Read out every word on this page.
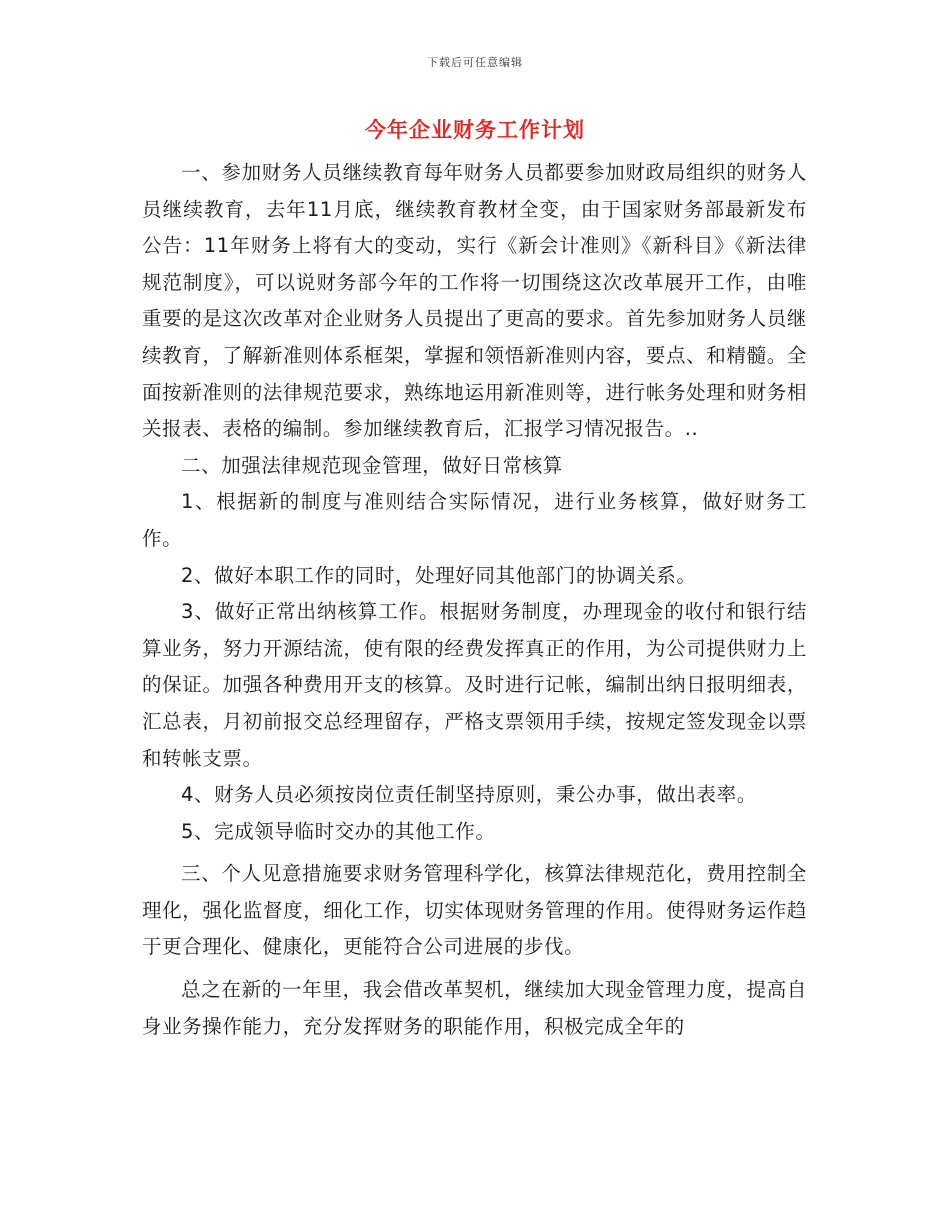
下载后可任意编辑
今年企业财务工作计划

一、参加财务人员继续教育每年财务人员都要参加财政局组织的财务人员继续教育，去年11月底，继续教育教材全变，由于国家财务部最新发布公告：11年财务上将有大的变动，实行《新会计准则》《新科目》《新法律规范制度》，可以说财务部今年的工作将一切围绕这次改革展开工作，由唯重要的是这次改革对企业财务人员提出了更高的要求。首先参加财务人员继续教育，了解新准则体系框架，掌握和领悟新准则内容，要点、和精髓。全面按新准则的法律规范要求，熟练地运用新准则等，进行帐务处理和财务相关报表、表格的编制。参加继续教育后，汇报学习情况报告。..

二、加强法律规范现金管理，做好日常核算

1、根据新的制度与准则结合实际情况，进行业务核算，做好财务工作。

2、做好本职工作的同时，处理好同其他部门的协调关系。

3、做好正常出纳核算工作。根据财务制度，办理现金的收付和银行结算业务，努力开源结流，使有限的经费发挥真正的作用，为公司提供财力上的保证。加强各种费用开支的核算。及时进行记帐，编制出纳日报明细表，汇总表，月初前报交总经理留存，严格支票领用手续，按规定签发现金以票和转帐支票。

4、财务人员必须按岗位责任制坚持原则，秉公办事，做出表率。

5、完成领导临时交办的其他工作。

三、个人见意措施要求财务管理科学化，核算法律规范化，费用控制全理化，强化监督度，细化工作，切实体现财务管理的作用。使得财务运作趋于更合理化、健康化，更能符合公司进展的步伐。

总之在新的一年里，我会借改革契机，继续加大现金管理力度，提高自身业务操作能力，充分发挥财务的职能作用，积极完成全年的
